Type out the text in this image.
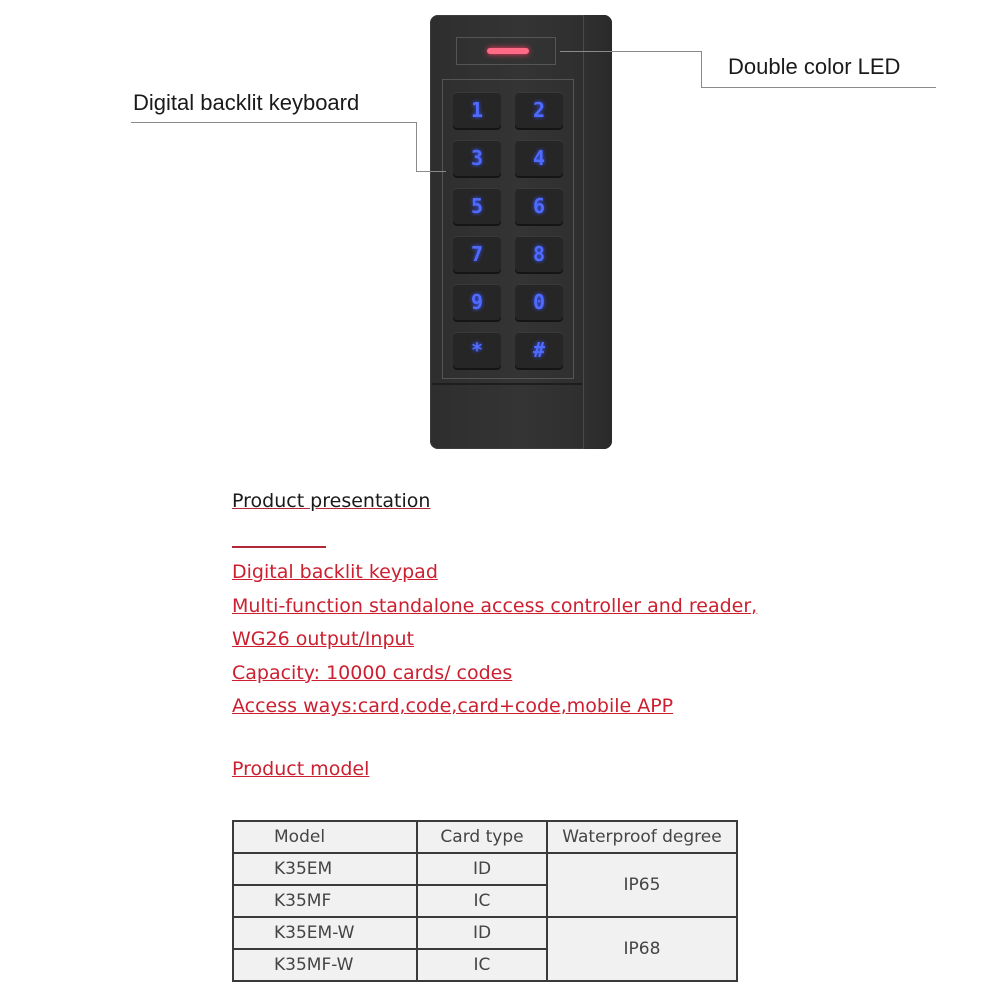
1	2
3	4
5	6
7	8
9	0
*	#
Double color LED
Digital backlit keyboard
Product presentation
Digital backlit keypad
Multi-function standalone access controller and reader,
WG26 output/Input
Capacity: 10000 cards/ codes
Access ways:card,code,card+code,mobile APP
Product model
Model	Card type	Waterproof degree
K35EM	ID	IP65
K35MF	IC	
K35EM-W	ID	IP68
K35MF-W	IC	
